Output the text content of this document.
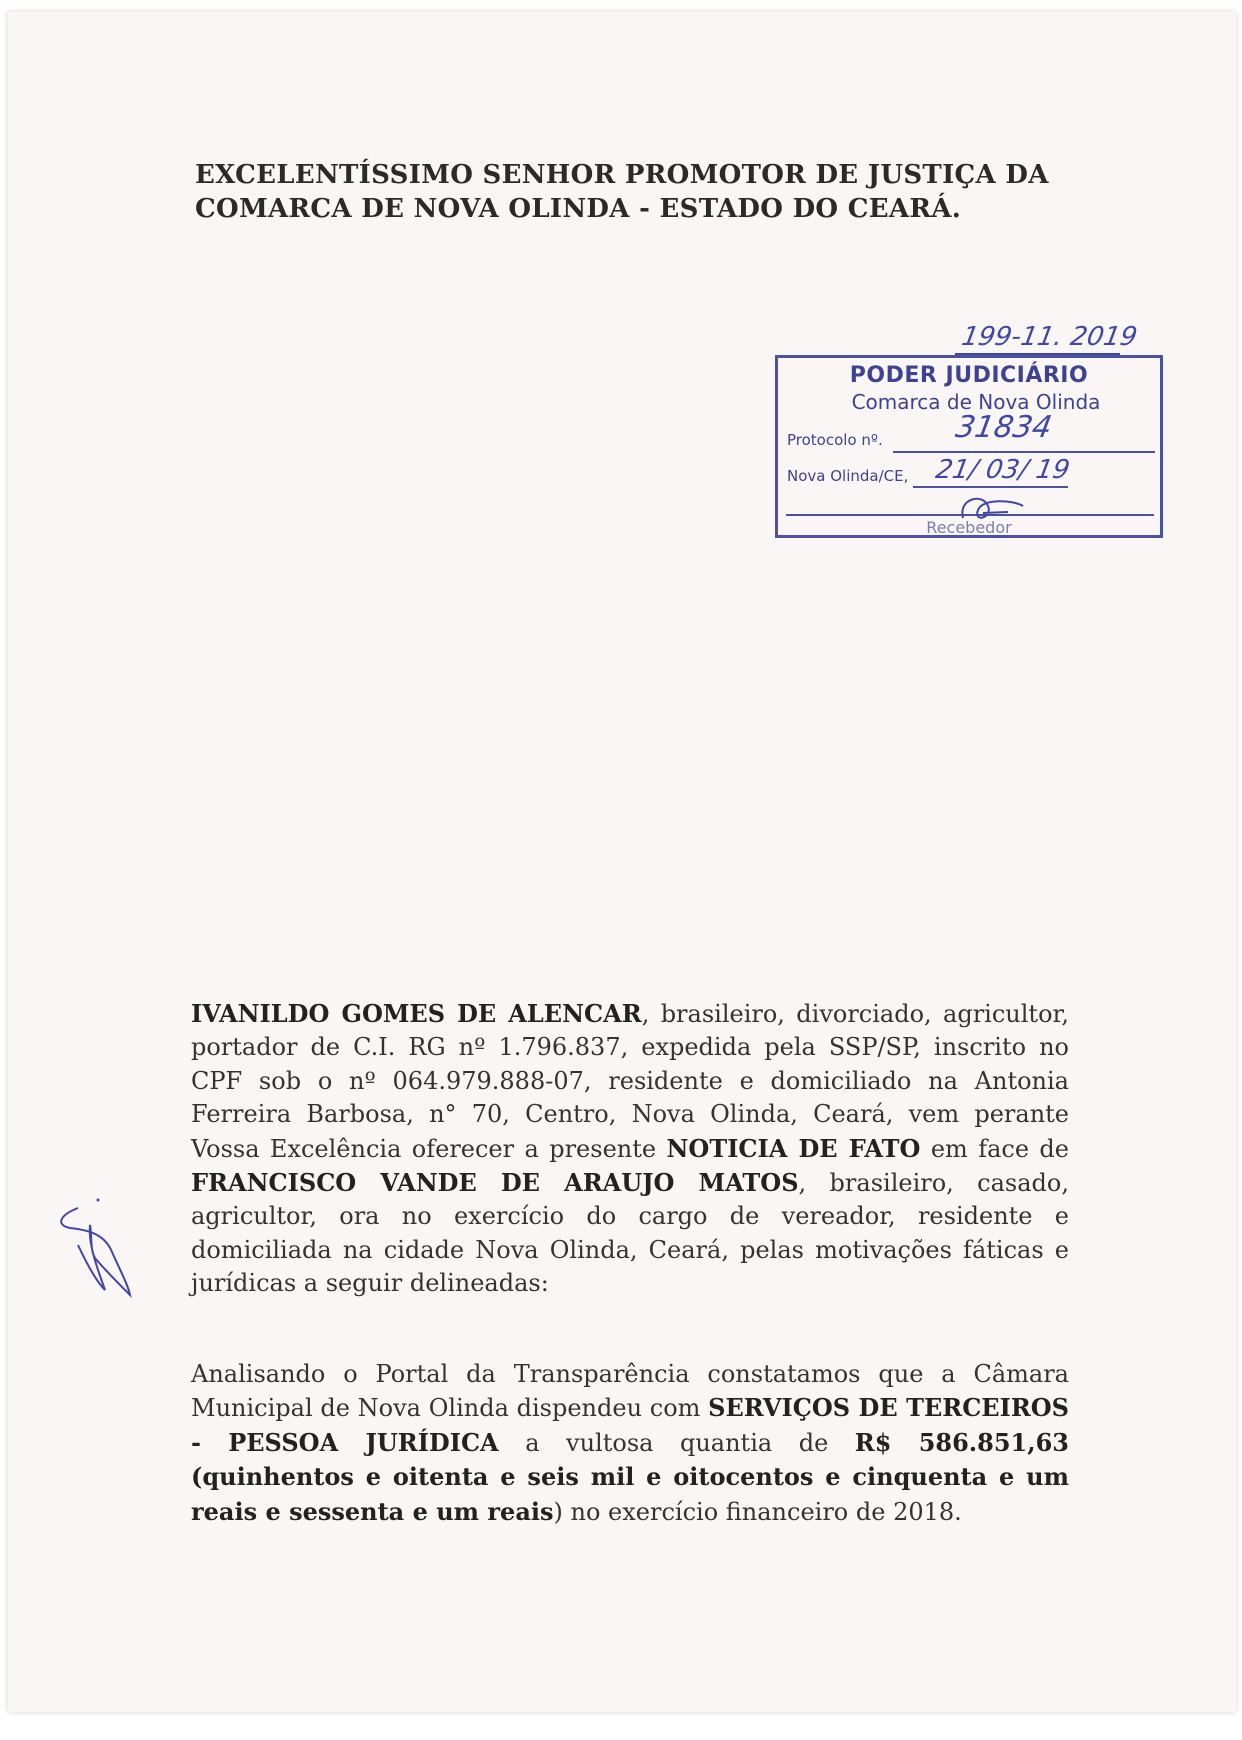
EXCELENTÍSSIMO SENHOR PROMOTOR DE JUSTIÇA DA
COMARCA DE NOVA OLINDA - ESTADO DO CEARÁ.
199-11. 2019
PODER JUDICIÁRIO
Comarca de Nova Olinda
Protocolo nº. 31834
Nova Olinda/CE, 21/ 03/ 19
Recebedor
IVANILDO GOMES DE ALENCAR, brasileiro, divorciado, agricultor, portador de C.I. RG nº 1.796.837, expedida pela SSP/SP, inscrito no CPF sob o nº 064.979.888-07, residente e domiciliado na Antonia Ferreira Barbosa, n° 70, Centro, Nova Olinda, Ceará, vem perante Vossa Excelência oferecer a presente NOTICIA DE FATO em face de FRANCISCO VANDE DE ARAUJO MATOS, brasileiro, casado, agricultor, ora no exercício do cargo de vereador, residente e domiciliada na cidade Nova Olinda, Ceará, pelas motivações fáticas e jurídicas a seguir delineadas:
Analisando o Portal da Transparência constatamos que a Câmara Municipal de Nova Olinda dispendeu com SERVIÇOS DE TERCEIROS - PESSOA JURÍDICA a vultosa quantia de R$ 586.851,63 (quinhentos e oitenta e seis mil e oitocentos e cinquenta e um reais e sessenta e um reais) no exercício financeiro de 2018.
